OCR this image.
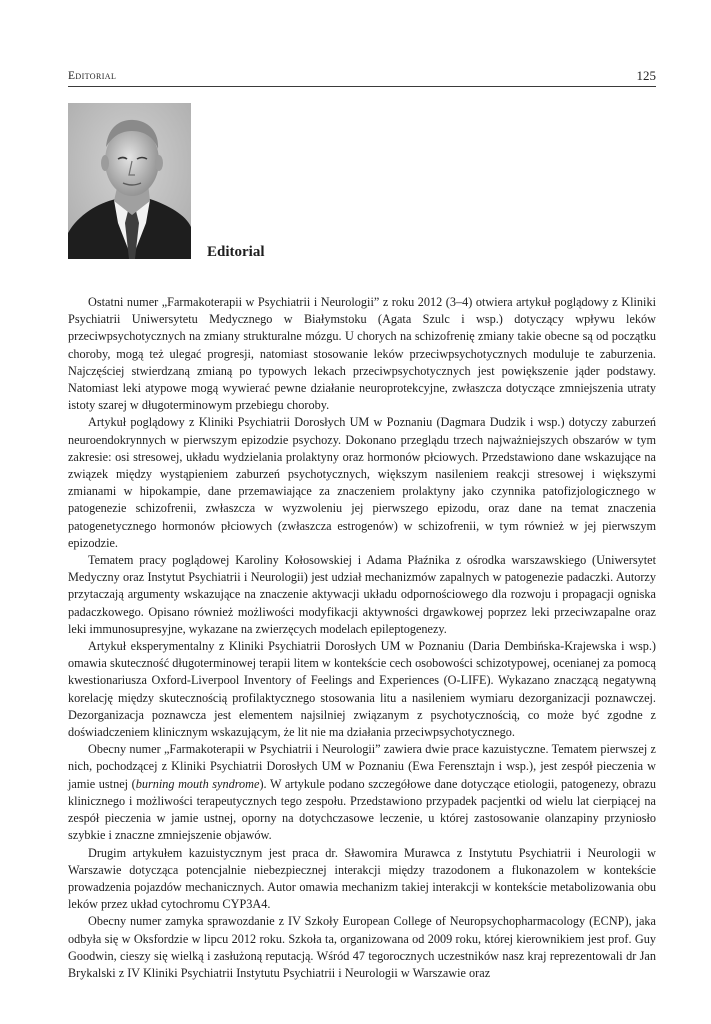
Editorial	125
Editorial

Ostatni numer „Farmakoterapii w Psychiatrii i Neurologii” z roku 2012 (3–4) otwiera artykuł poglądowy z Kliniki Psychiatrii Uniwersytetu Medycznego w Białymstoku (Agata Szulc i wsp.) dotyczący wpływu leków przeciwpsychotycznych na zmiany strukturalne mózgu. U chorych na schizofrenię zmiany takie obecne są od początku choroby, mogą też ulegać progresji, natomiast stosowanie leków przeciwpsychotycznych moduluje te zaburzenia. Najczęściej stwierdzaną zmianą po typowych lekach przeciwpsychotycznych jest powiększenie jąder podstawy. Natomiast leki atypowe mogą wywierać pewne działanie neuroprotekcyjne, zwłaszcza dotyczące zmniejszenia utraty istoty szarej w długoterminowym przebiegu choroby.

Artykuł poglądowy z Kliniki Psychiatrii Dorosłych UM w Poznaniu (Dagmara Dudzik i wsp.) dotyczy zaburzeń neuroendokrynnych w pierwszym epizodzie psychozy. Dokonano przeglądu trzech najważniejszych obszarów w tym zakresie: osi stresowej, układu wydzielania prolaktyny oraz hormonów płciowych. Przedstawiono dane wskazujące na związek między wystąpieniem zaburzeń psychotycznych, większym nasileniem reakcji stresowej i większymi zmianami w hipokampie, dane przemawiające za znaczeniem prolaktyny jako czynnika patofizjologicznego w patogenezie schizofrenii, zwłaszcza w wyzwoleniu jej pierwszego epizodu, oraz dane na temat znaczenia patogenetycznego hormonów płciowych (zwłaszcza estrogenów) w schizofrenii, w tym również w jej pierwszym epizodzie.

Tematem pracy poglądowej Karoliny Kołosowskiej i Adama Płaźnika z ośrodka warszawskiego (Uniwersytet Medyczny oraz Instytut Psychiatrii i Neurologii) jest udział mechanizmów zapalnych w patogenezie padaczki. Autorzy przytaczają argumenty wskazujące na znaczenie aktywacji układu odpornościowego dla rozwoju i propagacji ogniska padaczkowego. Opisano również możliwości modyfikacji aktywności drgawkowej poprzez leki przeciwzapalne oraz leki immunosupresyjne, wykazane na zwierzęcych modelach epileptogenezy.

Artykuł eksperymentalny z Kliniki Psychiatrii Dorosłych UM w Poznaniu (Daria Dembińska-Krajewska i wsp.) omawia skuteczność długoterminowej terapii litem w kontekście cech osobowości schizotypowej, ocenianej za pomocą kwestionariusza Oxford-Liverpool Inventory of Feelings and Experiences (O-LIFE). Wykazano znaczącą negatywną korelację między skutecznością profilaktycznego stosowania litu a nasileniem wymiaru dezorganizacji poznawczej. Dezorganizacja poznawcza jest elementem najsilniej związanym z psychotycznością, co może być zgodne z doświadczeniem klinicznym wskazującym, że lit nie ma działania przeciwpsychotycznego.

Obecny numer „Farmakoterapii w Psychiatrii i Neurologii” zawiera dwie prace kazuistyczne. Tematem pierwszej z nich, pochodzącej z Kliniki Psychiatrii Dorosłych UM w Poznaniu (Ewa Ferensztajn i wsp.), jest zespół pieczenia w jamie ustnej (burning mouth syndrome). W artykule podano szczegółowe dane dotyczące etiologii, patogenezy, obrazu klinicznego i możliwości terapeutycznych tego zespołu. Przedstawiono przypadek pacjentki od wielu lat cierpiącej na zespół pieczenia w jamie ustnej, oporny na dotychczasowe leczenie, u której zastosowanie olanzapiny przyniosło szybkie i znaczne zmniejszenie objawów.

Drugim artykułem kazuistycznym jest praca dr. Sławomira Murawca z Instytutu Psychiatrii i Neurologii w Warszawie dotycząca potencjalnie niebezpiecznej interakcji między trazodonem a flukonazolem w kontekście prowadzenia pojazdów mechanicznych. Autor omawia mechanizm takiej interakcji w kontekście metabolizowania obu leków przez układ cytochromu CYP3A4.

Obecny numer zamyka sprawozdanie z IV Szkoły European College of Neuropsychopharmacology (ECNP), jaka odbyła się w Oksfordzie w lipcu 2012 roku. Szkoła ta, organizowana od 2009 roku, której kierownikiem jest prof. Guy Goodwin, cieszy się wielką i zasłużoną reputacją. Wśród 47 tegorocznych uczestników nasz kraj reprezentowali dr Jan Brykalski z IV Kliniki Psychiatrii Instytutu Psychiatrii i Neurologii w Warszawie oraz
